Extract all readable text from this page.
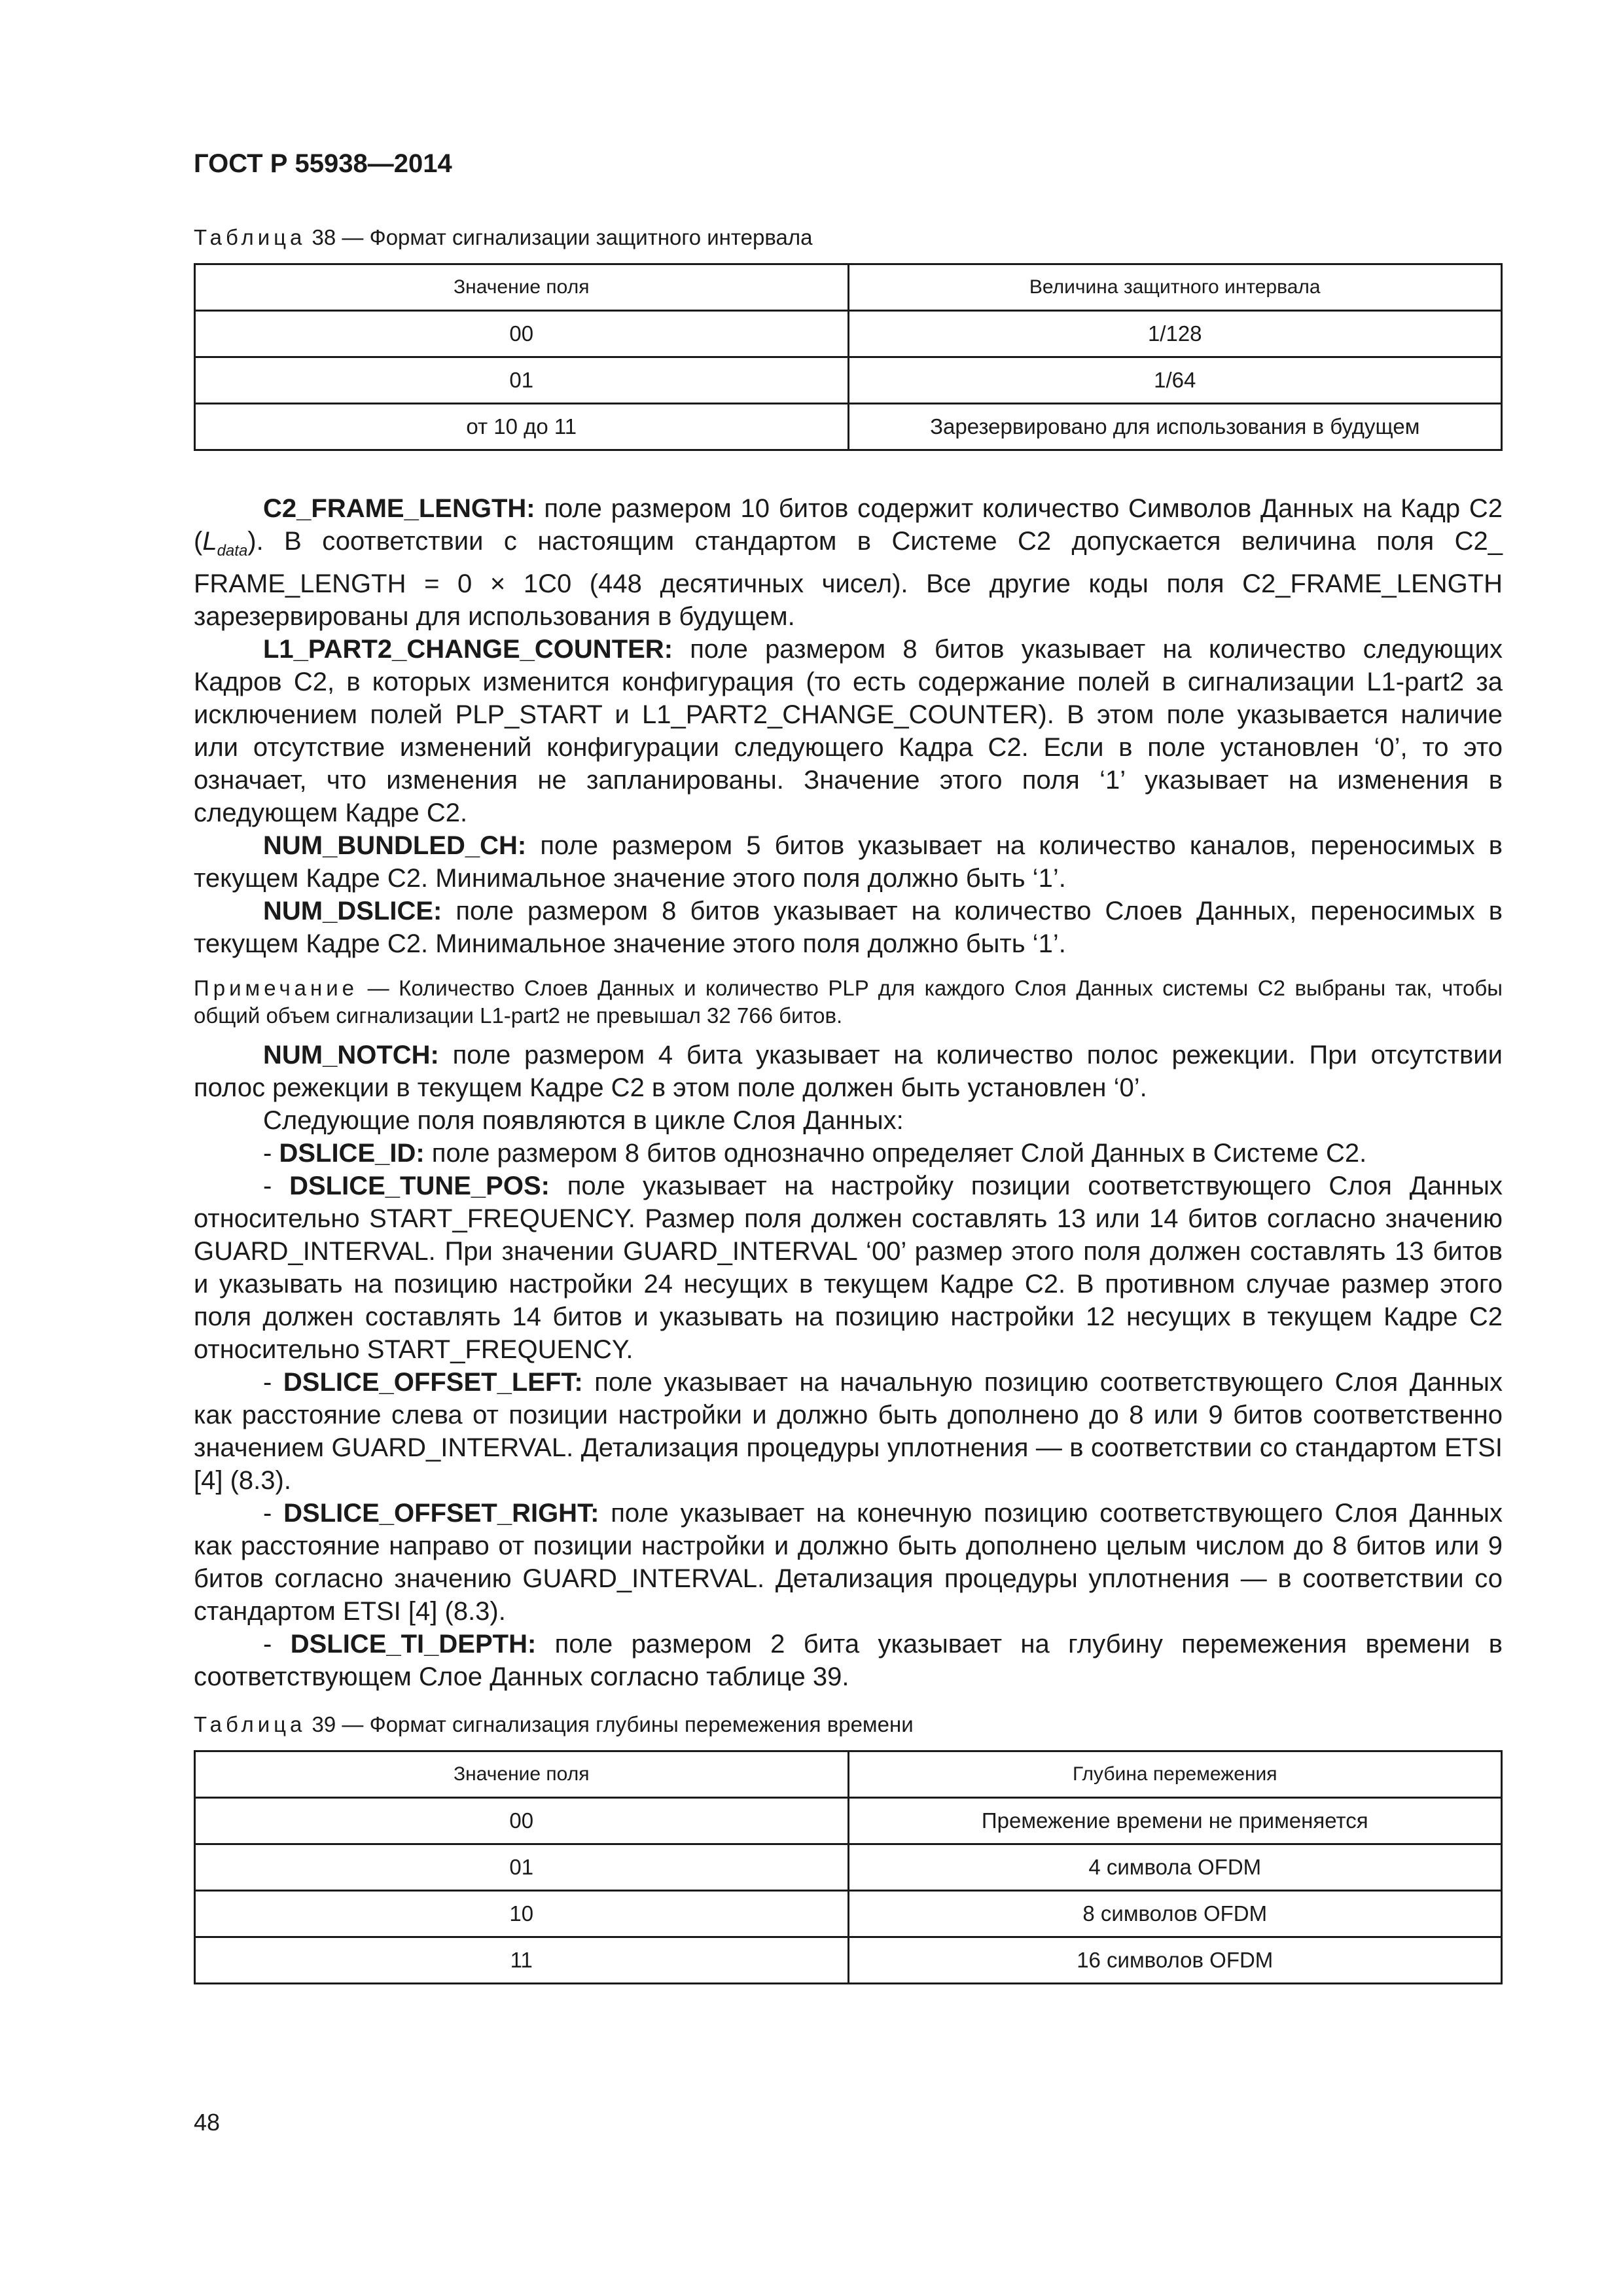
ГОСТ Р 55938—2014

Таблица 38 — Формат сигнализации защитного интервала

Значение поля	Величина защитного интервала
00	1/128
01	1/64
от 10 до 11	Зарезервировано для использования в будущем

C2_FRAME_LENGTH: поле размером 10 битов содержит количество Символов Данных на Кадр С2 $(L_{data})$. В соответствии с настоящим стандартом в Системе С2 допускается величина поля C2_ FRAME_LENGTH = 0 × 1C0 (448 десятичных чисел). Все другие коды поля C2_FRAME_LENGTH зарезервированы для использования в будущем.

L1_PART2_CHANGE_COUNTER: поле размером 8 битов указывает на количество следующих Кадров С2, в которых изменится конфигурация (то есть содержание полей в сигнализации L1-part2 за исключением полей PLP_START и L1_PART2_CHANGE_COUNTER). В этом поле указывается наличие или отсутствие изменений конфигурации следующего Кадра С2. Если в поле установлен ‘0’, то это означает, что изменения не запланированы. Значение этого поля ‘1’ указывает на изменения в следующем Кадре С2.

NUM_BUNDLED_CH: поле размером 5 битов указывает на количество каналов, переносимых в текущем Кадре С2. Минимальное значение этого поля должно быть ‘1’.

NUM_DSLICE: поле размером 8 битов указывает на количество Слоев Данных, переносимых в текущем Кадре С2. Минимальное значение этого поля должно быть ‘1’.

Примечание — Количество Слоев Данных и количество PLP для каждого Слоя Данных системы С2 выбраны так, чтобы общий объем сигнализации L1-part2 не превышал 32 766 битов.

NUM_NOTCH: поле размером 4 бита указывает на количество полос режекции. При отсутствии полос режекции в текущем Кадре С2 в этом поле должен быть установлен ‘0’.

Следующие поля появляются в цикле Слоя Данных:

- DSLICE_ID: поле размером 8 битов однозначно определяет Слой Данных в Системе С2.

- DSLICE_TUNE_POS: поле указывает на настройку позиции соответствующего Слоя Данных относительно START_FREQUENCY. Размер поля должен составлять 13 или 14 битов согласно значению GUARD_INTERVAL. При значении GUARD_INTERVAL ‘00’ размер этого поля должен составлять 13 битов и указывать на позицию настройки 24 несущих в текущем Кадре С2. В противном случае размер этого поля должен составлять 14 битов и указывать на позицию настройки 12 несущих в текущем Кадре С2 относительно START_FREQUENCY.

- DSLICE_OFFSET_LEFT: поле указывает на начальную позицию соответствующего Слоя Данных как расстояние слева от позиции настройки и должно быть дополнено до 8 или 9 битов соответственно значением GUARD_INTERVAL. Детализация процедуры уплотнения — в соответствии со стандартом ETSI [4] (8.3).

- DSLICE_OFFSET_RIGHT: поле указывает на конечную позицию соответствующего Слоя Данных как расстояние направо от позиции настройки и должно быть дополнено целым числом до 8 битов или 9 битов согласно значению GUARD_INTERVAL. Детализация процедуры уплотнения — в соответствии со стандартом ETSI [4] (8.3).

- DSLICE_TI_DEPTH: поле размером 2 бита указывает на глубину перемежения времени в соответствующем Слое Данных согласно таблице 39.

Таблица 39 — Формат сигнализация глубины перемежения времени

Значение поля	Глубина перемежения
00	Премежение времени не применяется
01	4 символа OFDM
10	8 символов OFDM
11	16 символов OFDM
48
